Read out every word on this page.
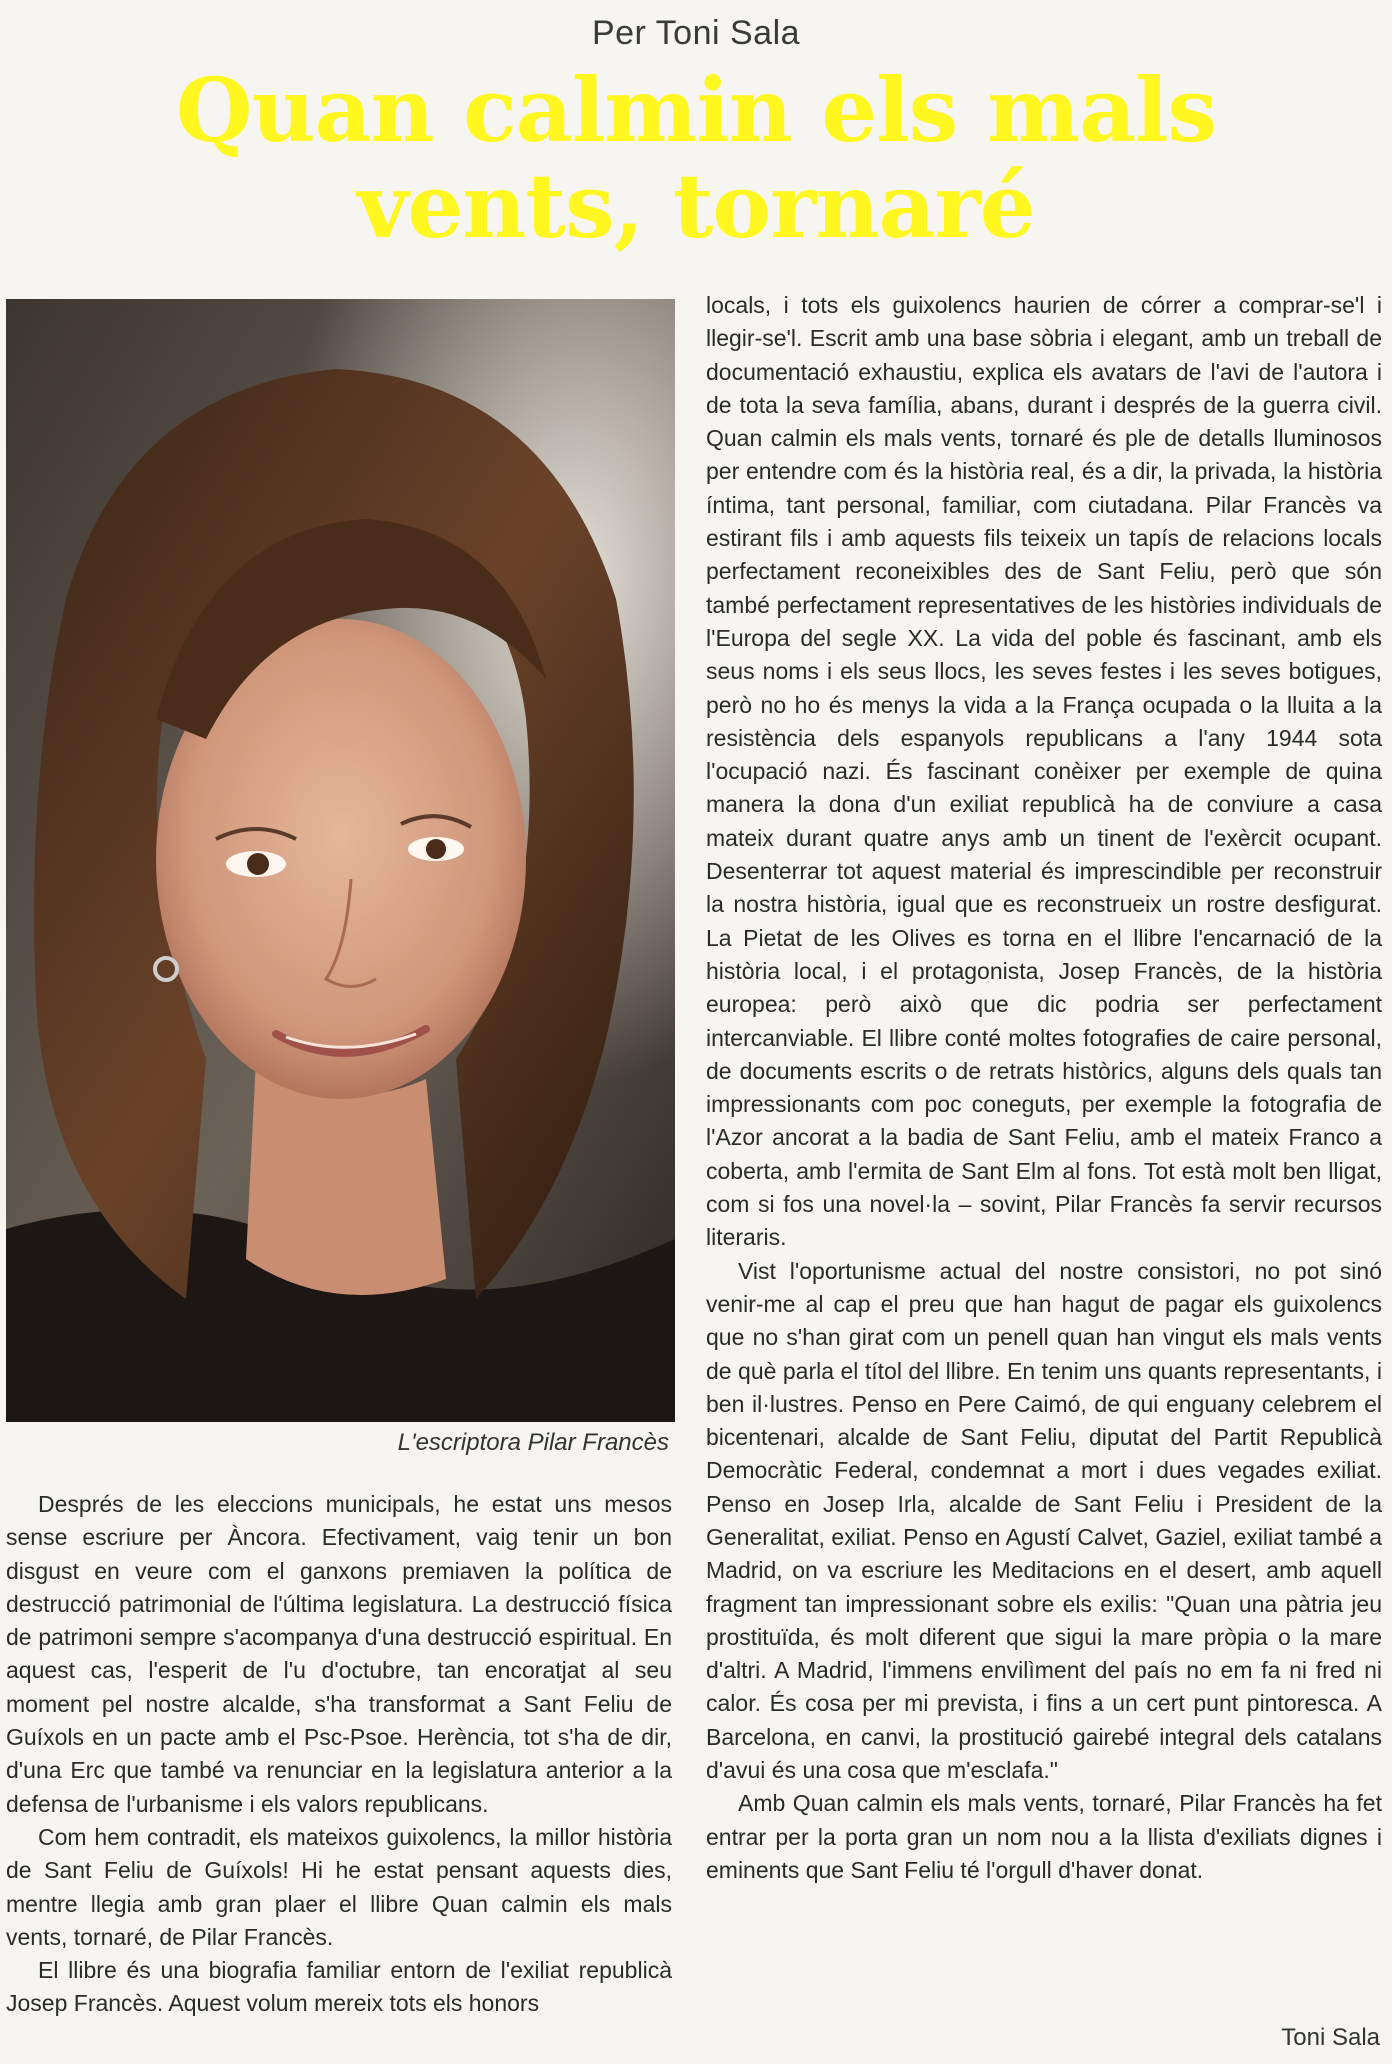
Per Toni Sala
Quan calmin els mals vents, tornaré
L'escriptora Pilar Francès

Després de les eleccions municipals, he estat uns mesos sense escriure per Àncora. Efectivament, vaig tenir un bon disgust en veure com el ganxons premiaven la política de destrucció patrimonial de l'última legislatura. La destrucció física de patrimoni sempre s'acompanya d'una destrucció espiritual. En aquest cas, l'esperit de l'u d'octubre, tan encoratjat al seu moment pel nostre alcalde, s'ha transformat a Sant Feliu de Guíxols en un pacte amb el Psc-Psoe. Herència, tot s'ha de dir, d'una Erc que també va renunciar en la legislatura anterior a la defensa de l'urbanisme i els valors republicans.

Com hem contradit, els mateixos guixolencs, la millor història de Sant Feliu de Guíxols! Hi he estat pensant aquests dies, mentre llegia amb gran plaer el llibre Quan calmin els mals vents, tornaré, de Pilar Francès.

El llibre és una biografia familiar entorn de l'exiliat republicà Josep Francès. Aquest volum mereix tots els honors

locals, i tots els guixolencs haurien de córrer a comprar-se'l i llegir-se'l. Escrit amb una base sòbria i elegant, amb un treball de documentació exhaustiu, explica els avatars de l'avi de l'autora i de tota la seva família, abans, durant i després de la guerra civil. Quan calmin els mals vents, tornaré és ple de detalls lluminosos per entendre com és la història real, és a dir, la privada, la història íntima, tant personal, familiar, com ciutadana. Pilar Francès va estirant fils i amb aquests fils teixeix un tapís de relacions locals perfectament reconeixibles des de Sant Feliu, però que són també perfectament representatives de les històries individuals de l'Europa del segle XX. La vida del poble és fascinant, amb els seus noms i els seus llocs, les seves festes i les seves botigues, però no ho és menys la vida a la França ocupada o la lluita a la resistència dels espanyols republicans a l'any 1944 sota l'ocupació nazi. És fascinant conèixer per exemple de quina manera la dona d'un exiliat republicà ha de conviure a casa mateix durant quatre anys amb un tinent de l'exèrcit ocupant. Desenterrar tot aquest material és imprescindible per reconstruir la nostra història, igual que es reconstrueix un rostre desfigurat. La Pietat de les Olives es torna en el llibre l'encarnació de la història local, i el protagonista, Josep Francès, de la història europea: però això que dic podria ser perfectament intercanviable. El llibre conté moltes fotografies de caire personal, de documents escrits o de retrats històrics, alguns dels quals tan impressionants com poc coneguts, per exemple la fotografia de l'Azor ancorat a la badia de Sant Feliu, amb el mateix Franco a coberta, amb l'ermita de Sant Elm al fons. Tot està molt ben lligat, com si fos una novel·la – sovint, Pilar Francès fa servir recursos literaris.

Vist l'oportunisme actual del nostre consistori, no pot sinó venir-me al cap el preu que han hagut de pagar els guixolencs que no s'han girat com un penell quan han vingut els mals vents de què parla el títol del llibre. En tenim uns quants representants, i ben il·lustres. Penso en Pere Caimó, de qui enguany celebrem el bicentenari, alcalde de Sant Feliu, diputat del Partit Republicà Democràtic Federal, condemnat a mort i dues vegades exiliat. Penso en Josep Irla, alcalde de Sant Feliu i President de la Generalitat, exiliat. Penso en Agustí Calvet, Gaziel, exiliat també a Madrid, on va escriure les Meditacions en el desert, amb aquell fragment tan impressionant sobre els exilis: "Quan una pàtria jeu prostituïda, és molt diferent que sigui la mare pròpia o la mare d'altri. A Madrid, l'immens envilìment del país no em fa ni fred ni calor. És cosa per mi prevista, i fins a un cert punt pintoresca. A Barcelona, en canvi, la prostitució gairebé integral dels catalans d'avui és una cosa que m'esclafa."

Amb Quan calmin els mals vents, tornaré, Pilar Francès ha fet entrar per la porta gran un nom nou a la llista d'exiliats dignes i eminents que Sant Feliu té l'orgull d'haver donat.

Toni Sala
